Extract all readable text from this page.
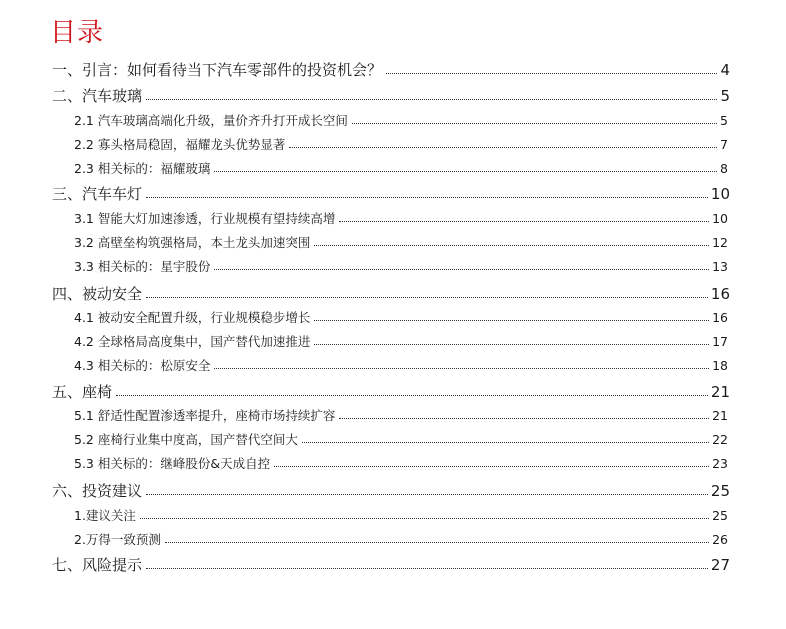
目录
一、引言：如何看待当下汽车零部件的投资机会？	4
二、汽车玻璃	5
2.1 汽车玻璃高端化升级，量价齐升打开成长空间	5
2.2 寡头格局稳固，福耀龙头优势显著	7
2.3 相关标的：福耀玻璃	8
三、汽车车灯	10
3.1 智能大灯加速渗透，行业规模有望持续高增	10
3.2 高壁垒构筑强格局，本土龙头加速突围	12
3.3 相关标的：星宇股份	13
四、被动安全	16
4.1 被动安全配置升级，行业规模稳步增长	16
4.2 全球格局高度集中，国产替代加速推进	17
4.3 相关标的：松原安全	18
五、座椅	21
5.1 舒适性配置渗透率提升，座椅市场持续扩容	21
5.2 座椅行业集中度高，国产替代空间大	22
5.3 相关标的：继峰股份&天成自控	23
六、投资建议	25
1.建议关注	25
2.万得一致预测	26
七、风险提示	27
